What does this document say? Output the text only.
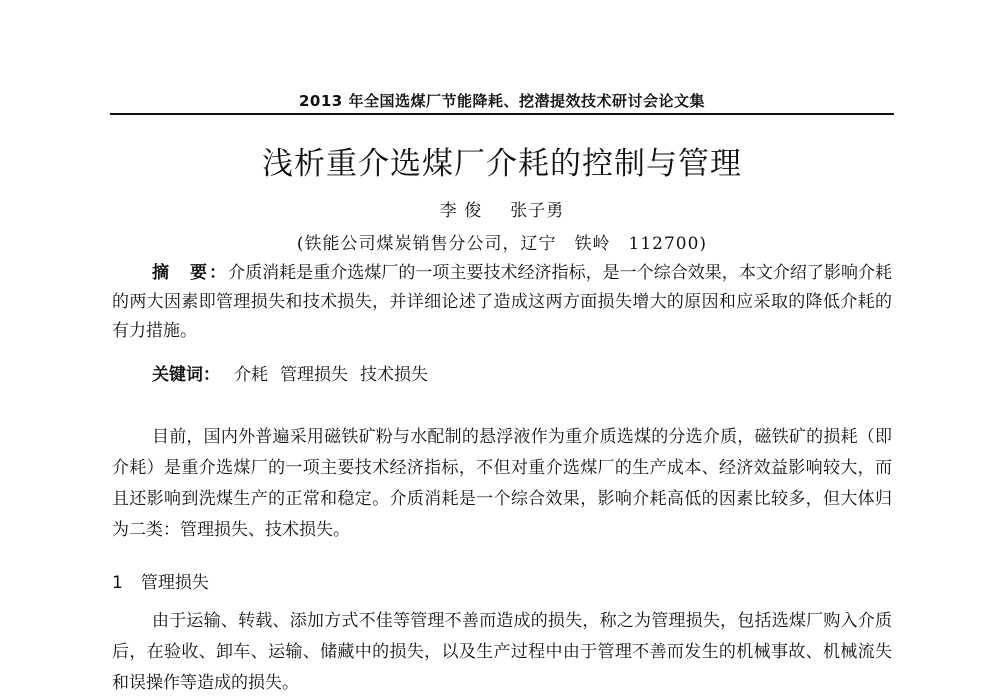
2013 年全国选煤厂节能降耗、挖潜提效技术研讨会论文集
浅析重介选煤厂介耗的控制与管理
李 俊 张子勇
(铁能公司煤炭销售分公司，辽宁　铁岭　112700)

摘　要：介质消耗是重介选煤厂的一项主要技术经济指标，是一个综合效果，本文介绍了影响介耗的两大因素即管理损失和技术损失，并详细论述了造成这两方面损失增大的原因和应采取的降低介耗的有力措施。

关键词： 介耗 管理损失 技术损失

目前，国内外普遍采用磁铁矿粉与水配制的悬浮液作为重介质选煤的分选介质，磁铁矿的损耗（即介耗）是重介选煤厂的一项主要技术经济指标，不但对重介选煤厂的生产成本、经济效益影响较大，而且还影响到洗煤生产的正常和稳定。介质消耗是一个综合效果，影响介耗高低的因素比较多，但大体归为二类：管理损失、技术损失。

1 管理损失

由于运输、转载、添加方式不佳等管理不善而造成的损失，称之为管理损失，包括选煤厂购入介质后，在验收、卸车、运输、储藏中的损失，以及生产过程中由于管理不善而发生的机械事故、机械流失和误操作等造成的损失。
